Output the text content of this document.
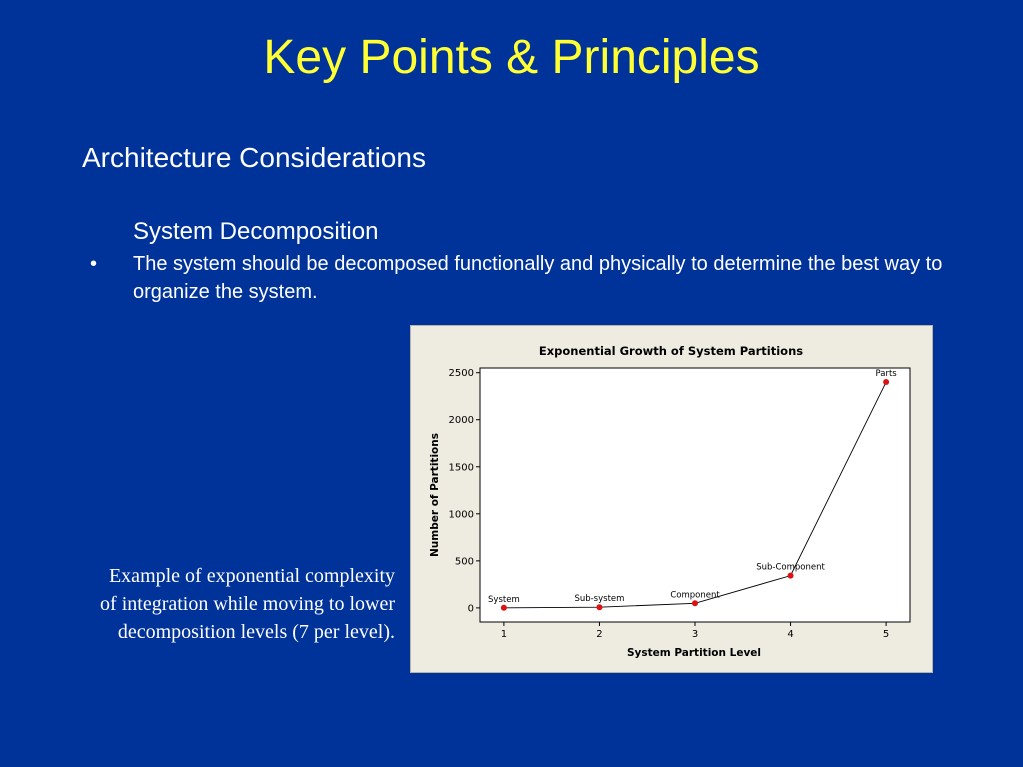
Key Points & Principles
Architecture Considerations
System Decomposition
• The system should be decomposed functionally and physically to determine the best way to organize the system.
Example of exponential complexity of integration while moving to lower decomposition levels (7 per level).
Exponential Growth of System Partitions
0
500
1000
1500
2000
2500
1	2	3	4	5
System	Sub-system	Component
Sub-Component
Parts
System Partition Level
Number of Partitions
